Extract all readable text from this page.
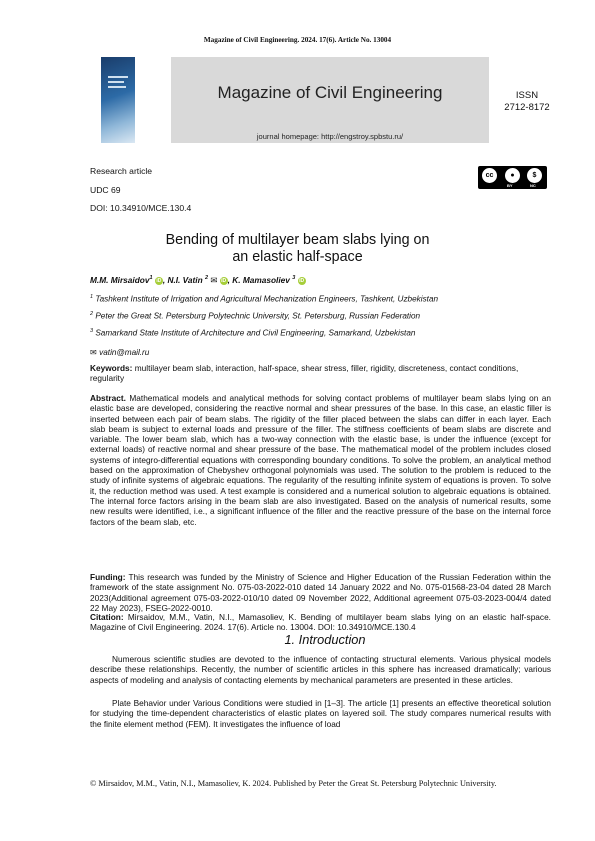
Magazine of Civil Engineering. 2024. 17(6). Article No. 13004
Magazine of Civil Engineering
journal homepage: http://engstroy.spbstu.ru/
ISSN
2712-8172
Research article
UDC 69
DOI: 10.34910/MCE.130.4
cc	●	$
BY	NC
Bending of multilayer beam slabs lying on
an elastic half-space
M.M. Mirsaidov$^1$ iD , N.I. Vatin $^2$ ✉ iD , K. Mamasoliev $^3$ iD
$^1$ Tashkent Institute of Irrigation and Agricultural Mechanization Engineers, Tashkent, Uzbekistan
$^2$ Peter the Great St. Petersburg Polytechnic University, St. Petersburg, Russian Federation
$^3$ Samarkand State Institute of Architecture and Civil Engineering, Samarkand, Uzbekistan
✉ vatin@mail.ru
Keywords: multilayer beam slab, interaction, half-space, shear stress, filler, rigidity, discreteness, contact conditions, regularity
Abstract. Mathematical models and analytical methods for solving contact problems of multilayer beam slabs lying on an elastic base are developed, considering the reactive normal and shear pressures of the base. In this case, an elastic filler is inserted between each pair of beam slabs. The rigidity of the filler placed between the slabs can differ in each layer. Each slab beam is subject to external loads and pressure of the filler. The stiffness coefficients of beam slabs are discrete and variable. The lower beam slab, which has a two-way connection with the elastic base, is under the influence (except for external loads) of reactive normal and shear pressure of the base. The mathematical model of the problem includes closed systems of integro-differential equations with corresponding boundary conditions. To solve the problem, an analytical method based on the approximation of Chebyshev orthogonal polynomials was used. The solution to the problem is reduced to the study of infinite systems of algebraic equations. The regularity of the resulting infinite system of equations is proven. To solve it, the reduction method was used. A test example is considered and a numerical solution to algebraic equations is obtained. The internal force factors arising in the beam slab are also investigated. Based on the analysis of numerical results, some new results were identified, i.e., a significant influence of the filler and the reactive pressure of the base on the internal force factors of the beam slab, etc.
Funding: This research was funded by the Ministry of Science and Higher Education of the Russian Federation within the framework of the state assignment No. 075-03-2022-010 dated 14 January 2022 and No. 075-01568-23-04 dated 28 March 2023(Additional agreement 075-03-2022-010/10 dated 09 November 2022, Additional agreement 075-03-2023-004/4 dated 22 May 2023), FSEG-2022-0010.
Citation: Mirsaidov, M.M., Vatin, N.I., Mamasoliev, K. Bending of multilayer beam slabs lying on an elastic half-space. Magazine of Civil Engineering. 2024. 17(6). Article no. 13004. DOI: 10.34910/MCE.130.4
1. Introduction
Numerous scientific studies are devoted to the influence of contacting structural elements. Various physical models describe these relationships. Recently, the number of scientific articles in this sphere has increased dramatically; various aspects of modeling and analysis of contacting elements by mechanical parameters are presented in these articles.
Plate Behavior under Various Conditions were studied in [1–3]. The article [1] presents an effective theoretical solution for studying the time-dependent characteristics of elastic plates on layered soil. The study compares numerical results with the finite element method (FEM). It investigates the influence of load
© Mirsaidov, M.M., Vatin, N.I., Mamasoliev, K. 2024. Published by Peter the Great St. Petersburg Polytechnic University.
